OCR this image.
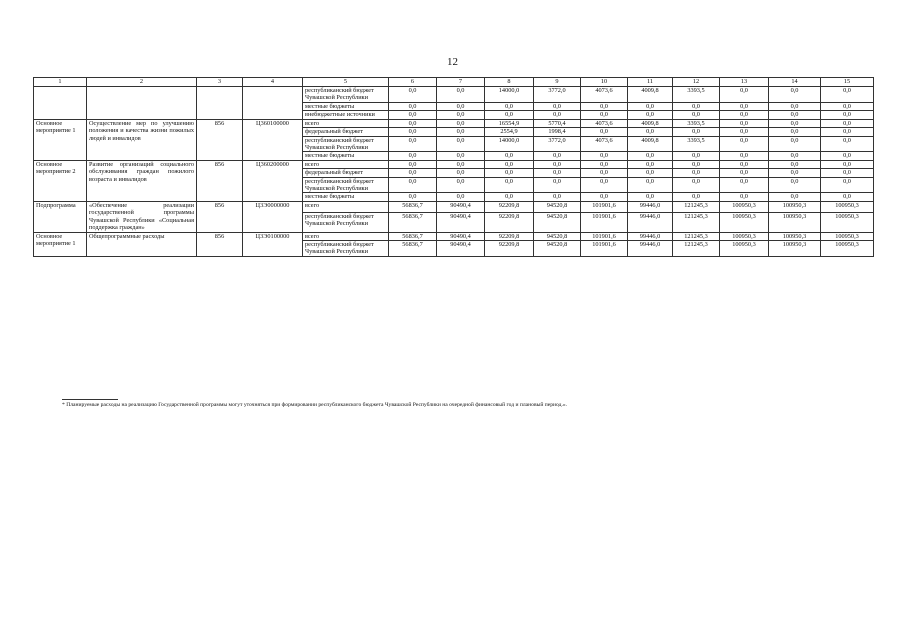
12
1	2	3	4	5	6	7	8	9	10	11	12	13	14	15
				республиканский бюджет Чувашской Республики	0,0	0,0	14000,0	3772,0	4073,6	4009,8	3393,5	0,0	0,0	0,0
				местные бюджеты	0,0	0,0	0,0	0,0	0,0	0,0	0,0	0,0	0,0	0,0
				внебюджетные источники	0,0	0,0	0,0	0,0	0,0	0,0	0,0	0,0	0,0	0,0
Основное мероприятие 1	Осуществление мер по улучшению положения и качества жизни пожилых людей и инвалидов	856	Ц360100000	всего	0,0	0,0	16554,9	5770,4	4073,6	4009,8	3393,5	0,0	0,0	0,0
				федеральный бюджет	0,0	0,0	2554,9	1998,4	0,0	0,0	0,0	0,0	0,0	0,0
				республиканский бюджет Чувашской Республики	0,0	0,0	14000,0	3772,0	4073,6	4009,8	3393,5	0,0	0,0	0,0
				местные бюджеты	0,0	0,0	0,0	0,0	0,0	0,0	0,0	0,0	0,0	0,0
Основное мероприятие 2	Развитие организаций социального обслуживания граждан пожилого возраста и инвалидов	856	Ц360200000	всего	0,0	0,0	0,0	0,0	0,0	0,0	0,0	0,0	0,0	0,0
				федеральный бюджет	0,0	0,0	0,0	0,0	0,0	0,0	0,0	0,0	0,0	0,0
				республиканский бюджет Чувашской Республики	0,0	0,0	0,0	0,0	0,0	0,0	0,0	0,0	0,0	0,0
				местные бюджеты	0,0	0,0	0,0	0,0	0,0	0,0	0,0	0,0	0,0	0,0
Подпрограмма	«Обеспечение реализации государственной программы Чувашской Республики «Социальная поддержка граждан»	856	Ц3Э0000000	всего	56836,7	90490,4	92209,8	94520,8	101901,6	99446,0	121245,3	100950,3	100950,3	100950,3
				республиканский бюджет Чувашской Республики	56836,7	90490,4	92209,8	94520,8	101901,6	99446,0	121245,3	100950,3	100950,3	100950,3
Основное мероприятие 1	Общепрограммные расходы	856	Ц3Э0100000	всего	56836,7	90490,4	92209,8	94520,8	101901,6	99446,0	121245,3	100950,3	100950,3	100950,3
				республиканский бюджет Чувашской Республики	56836,7	90490,4	92209,8	94520,8	101901,6	99446,0	121245,3	100950,3	100950,3	100950,3
* Планируемые расходы на реализацию Государственной программы могут уточняться при формировании республиканского бюджета Чувашской Республики на очередной финансовый год и плановый период.».
